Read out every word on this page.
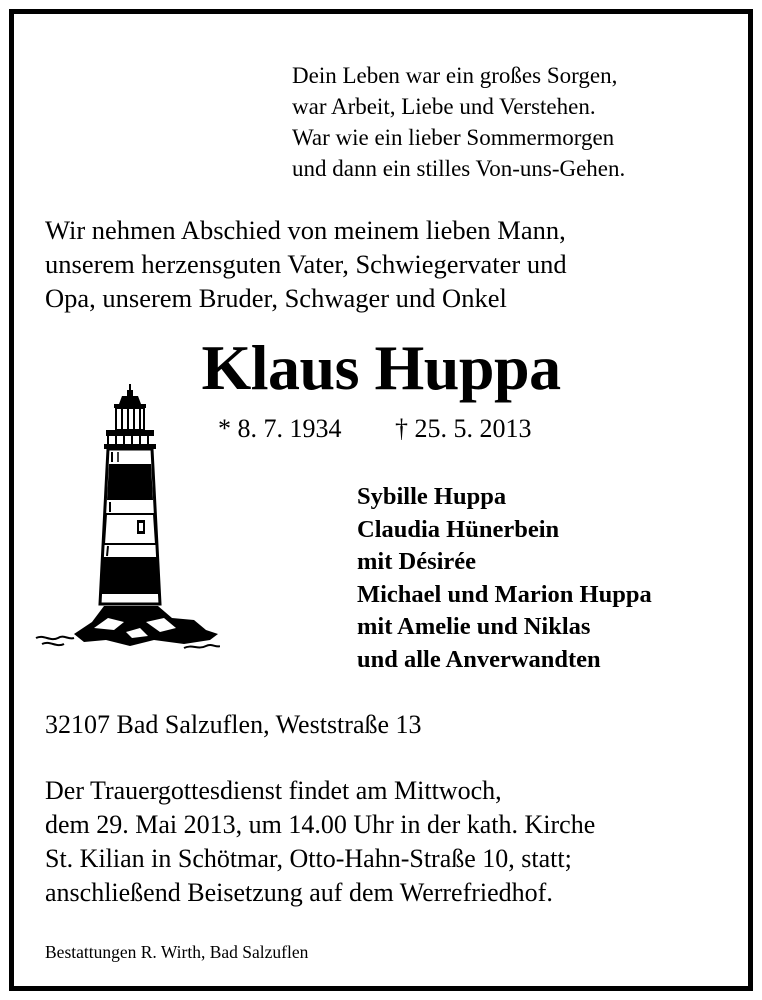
Dein Leben war ein großes Sorgen,
war Arbeit, Liebe und Verstehen.
War wie ein lieber Sommermorgen
und dann ein stilles Von-uns-Gehen.
Wir nehmen Abschied von meinem lieben Mann,
unserem herzensguten Vater, Schwiegervater und
Opa, unserem Bruder, Schwager und Onkel
Klaus Huppa
* 8. 7. 1934 † 25. 5. 2013
Sybille Huppa
Claudia Hünerbein
mit Désirée
Michael und Marion Huppa
mit Amelie und Niklas
und alle Anverwandten
32107 Bad Salzuflen, Weststraße 13
Der Trauergottesdienst findet am Mittwoch,
dem 29. Mai 2013, um 14.00 Uhr in der kath. Kirche
St. Kilian in Schötmar, Otto-Hahn-Straße 10, statt;
anschließend Beisetzung auf dem Werrefriedhof.
Bestattungen R. Wirth, Bad Salzuflen
